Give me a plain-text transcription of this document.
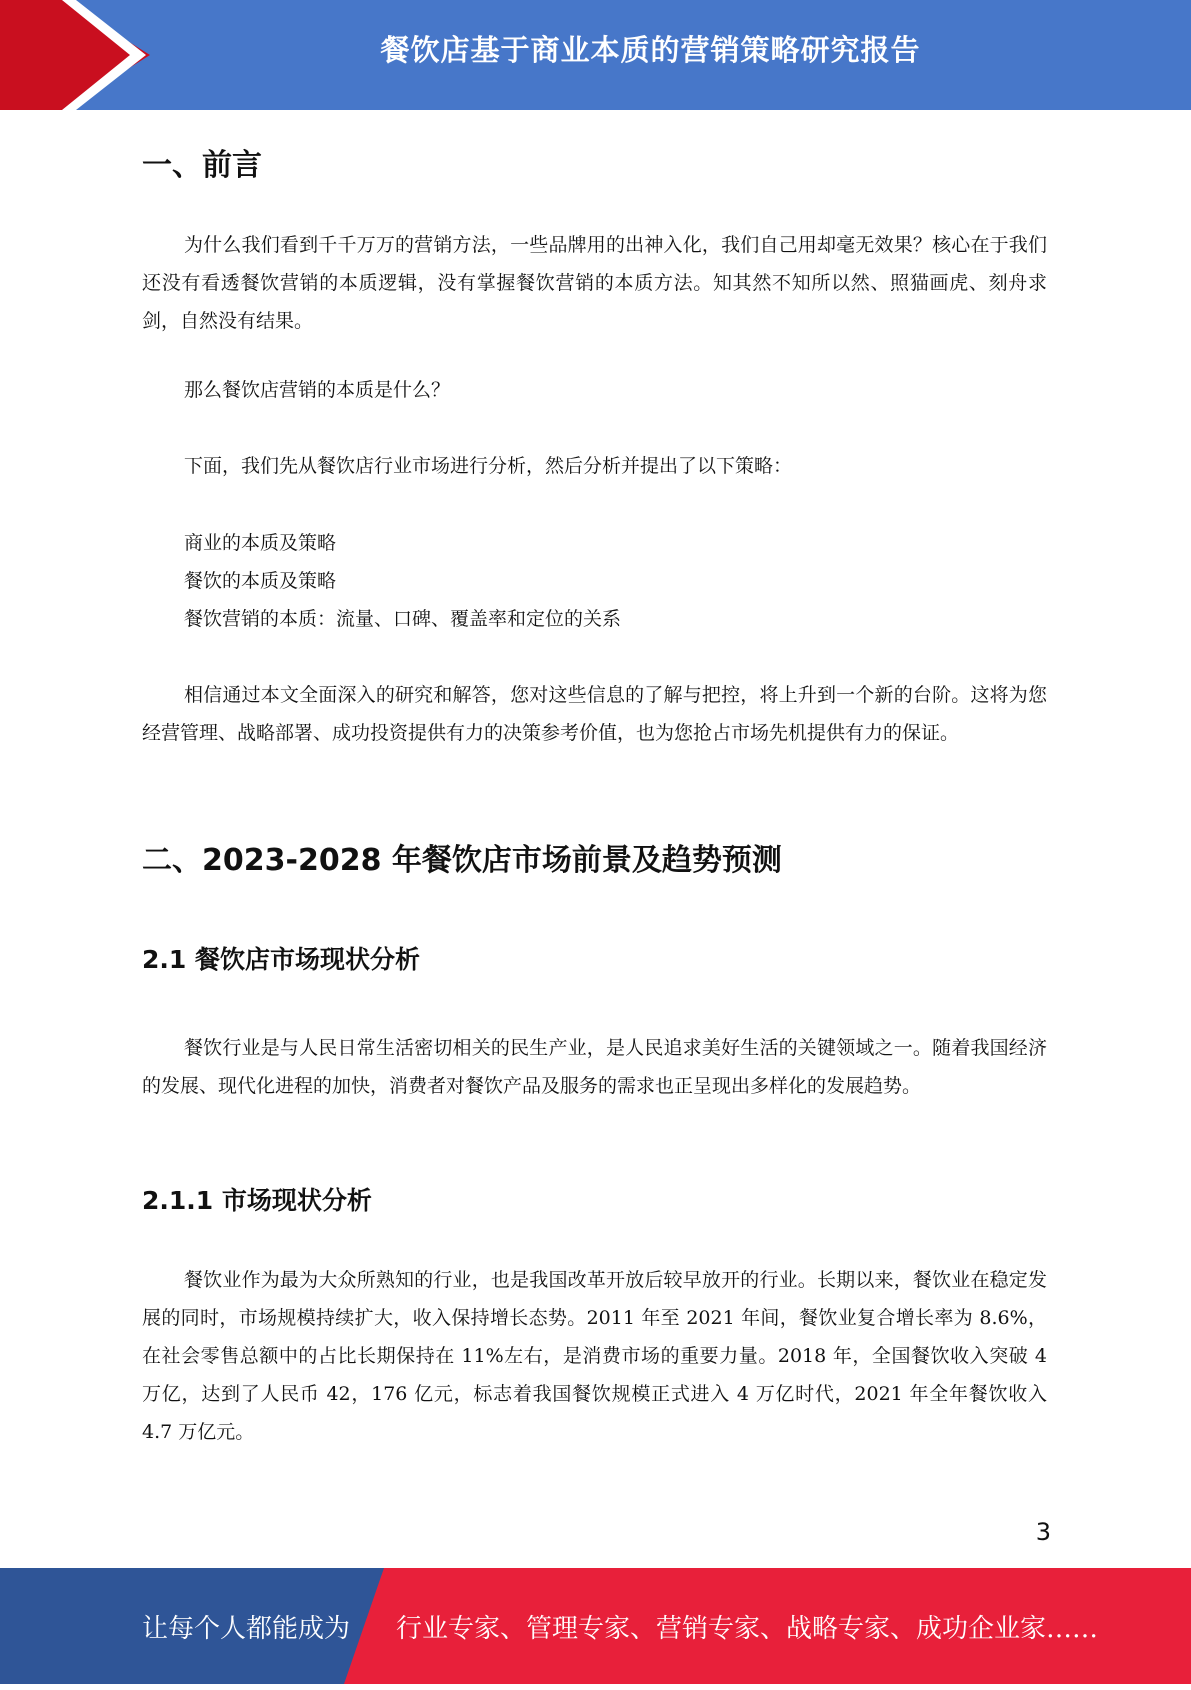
餐饮店基于商业本质的营销策略研究报告
一、前言

为什么我们看到千千万万的营销方法，一些品牌用的出神入化，我们自己用却毫无效果？核心在于我们还没有看透餐饮营销的本质逻辑，没有掌握餐饮营销的本质方法。知其然不知所以然、照猫画虎、刻舟求剑，自然没有结果。

那么餐饮店营销的本质是什么？

下面，我们先从餐饮店行业市场进行分析，然后分析并提出了以下策略：

商业的本质及策略
餐饮的本质及策略
餐饮营销的本质：流量、口碑、覆盖率和定位的关系

相信通过本文全面深入的研究和解答，您对这些信息的了解与把控，将上升到一个新的台阶。这将为您经营管理、战略部署、成功投资提供有力的决策参考价值，也为您抢占市场先机提供有力的保证。

二、2023-2028 年餐饮店市场前景及趋势预测
2.1 餐饮店市场现状分析

餐饮行业是与人民日常生活密切相关的民生产业，是人民追求美好生活的关键领域之一。随着我国经济的发展、现代化进程的加快，消费者对餐饮产品及服务的需求也正呈现出多样化的发展趋势。

2.1.1 市场现状分析

餐饮业作为最为大众所熟知的行业，也是我国改革开放后较早放开的行业。长期以来，餐饮业在稳定发展的同时，市场规模持续扩大，收入保持增长态势。2011 年至 2021 年间，餐饮业复合增长率为 8.6%，在社会零售总额中的占比长期保持在 11%左右，是消费市场的重要力量。2018 年，全国餐饮收入突破 4 万亿，达到了人民币 42，176 亿元，标志着我国餐饮规模正式进入 4 万亿时代，2021 年全年餐饮收入 4.7 万亿元。

3
让每个人都能成为 行业专家、管理专家、营销专家、战略专家、成功企业家……
